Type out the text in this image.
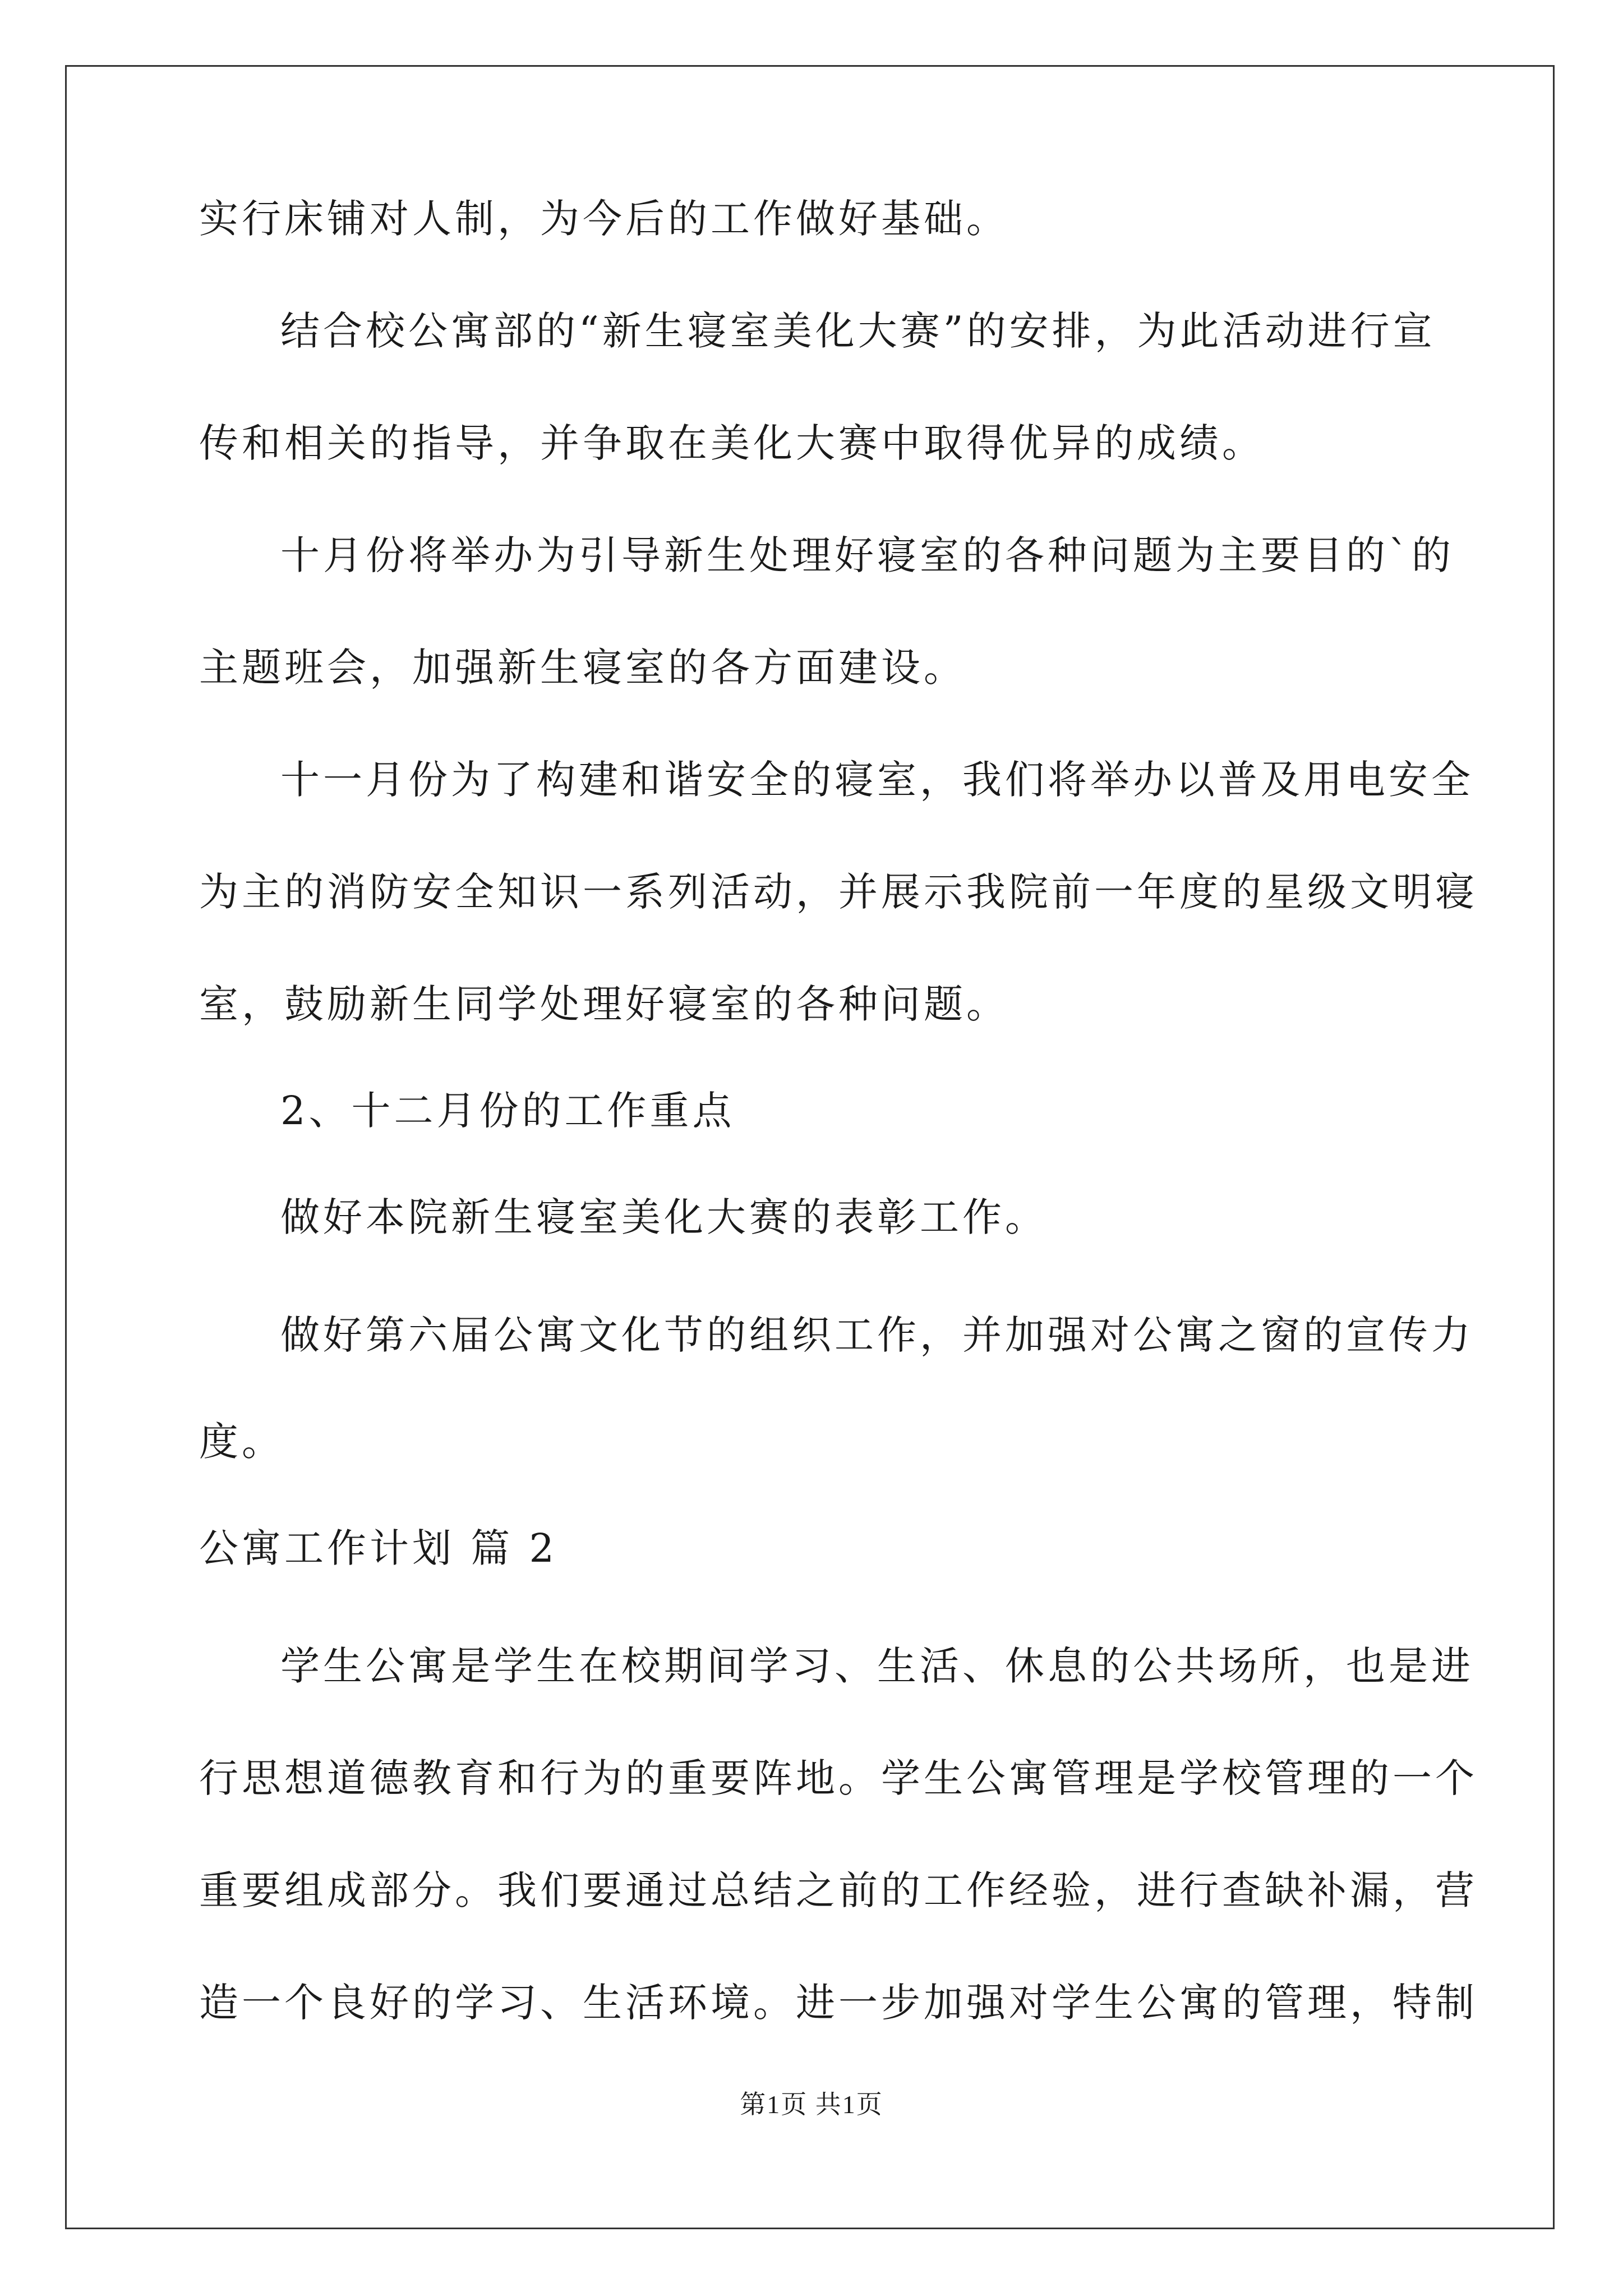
实行床铺对人制，为今后的工作做好基础。
结合校公寓部的“新生寝室美化大赛”的安排，为此活动进行宣
传和相关的指导，并争取在美化大赛中取得优异的成绩。
十月份将举办为引导新生处理好寝室的各种问题为主要目的`的
主题班会，加强新生寝室的各方面建设。
十一月份为了构建和谐安全的寝室，我们将举办以普及用电安全
为主的消防安全知识一系列活动，并展示我院前一年度的星级文明寝
室，鼓励新生同学处理好寝室的各种问题。
2、十二月份的工作重点
做好本院新生寝室美化大赛的表彰工作。
做好第六届公寓文化节的组织工作，并加强对公寓之窗的宣传力
度。
公寓工作计划 篇 2
学生公寓是学生在校期间学习、生活、休息的公共场所，也是进
行思想道德教育和行为的重要阵地。学生公寓管理是学校管理的一个
重要组成部分。我们要通过总结之前的工作经验，进行查缺补漏，营
造一个良好的学习、生活环境。进一步加强对学生公寓的管理，特制
第1页 共1页
